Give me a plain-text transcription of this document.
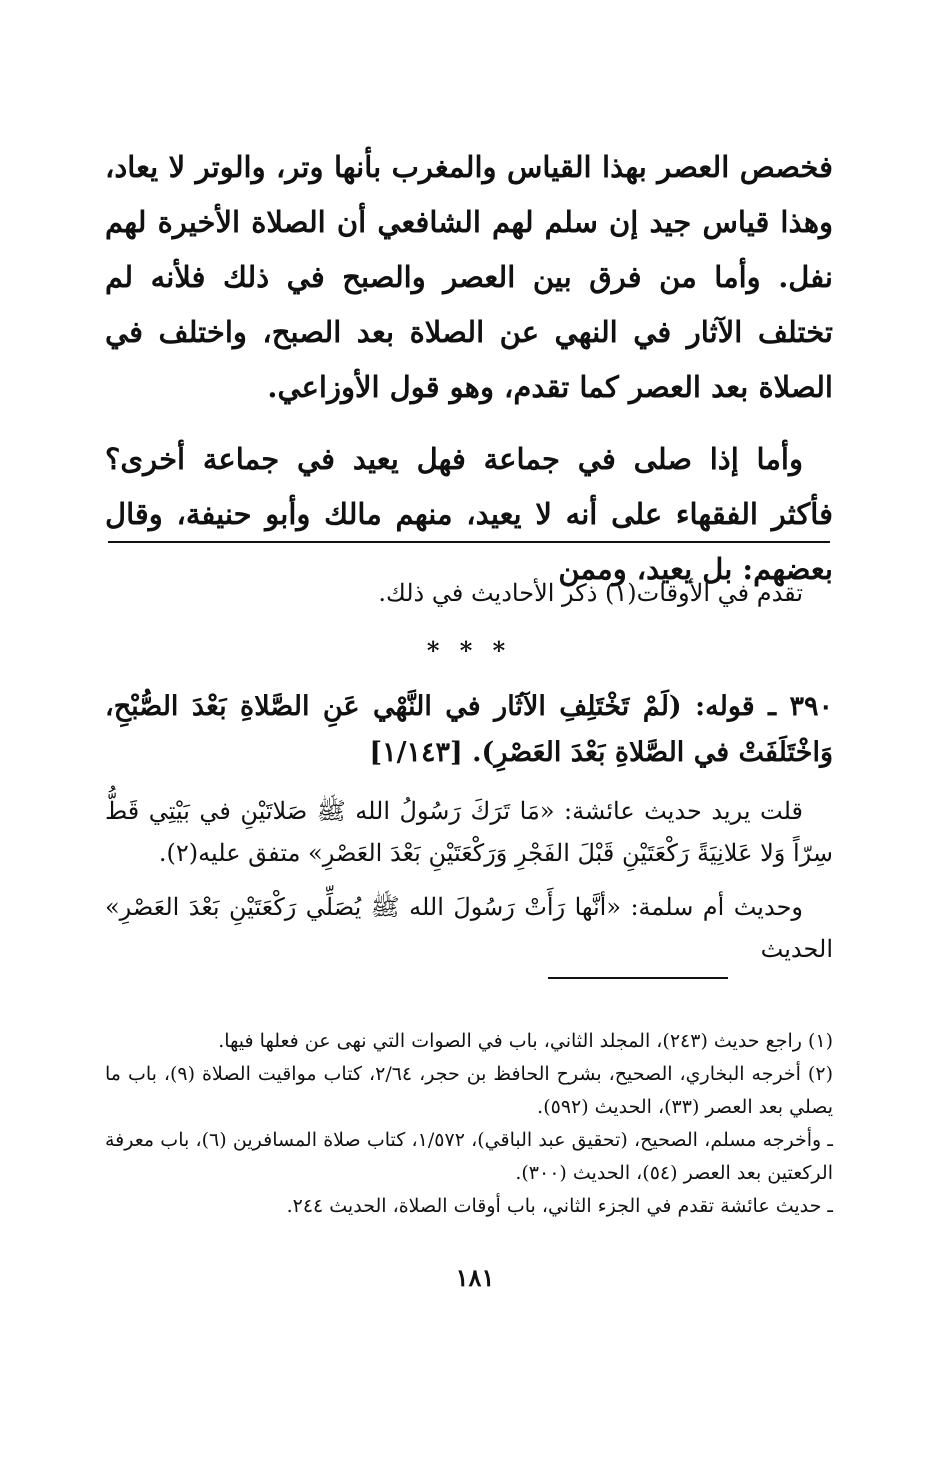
فخصص العصر بهذا القياس والمغرب بأنها وتر، والوتر لا يعاد، وهذا قياس جيد إن سلم لهم الشافعي أن الصلاة الأخيرة لهم نفل. وأما من فرق بين العصر والصبح في ذلك فلأنه لم تختلف الآثار في النهي عن الصلاة بعد الصبح، واختلف في الصلاة بعد العصر كما تقدم، وهو قول الأوزاعي.

وأما إذا صلى في جماعة فهل يعيد في جماعة أخرى؟ فأكثر الفقهاء على أنه لا يعيد، منهم مالك وأبو حنيفة، وقال بعضهم: بل يعيد، وممن

تقدم في الأوقات(١) ذكر الأحاديث في ذلك.

* * *

٣٩٠ ـ قوله: (لَمْ تَخْتَلِفِ الآثَار في النَّهْي عَنِ الصَّلاةِ بَعْدَ الصُّبْحِ، وَاخْتَلَفَتْ في الصَّلاةِ بَعْدَ العَصْرِ). [١/١٤٣]

قلت يريد حديث عائشة: «مَا تَرَكَ رَسُولُ الله ﷺ صَلاتَيْنِ في بَيْتِي قَطُّ سِرّاً وَلا عَلانِيَةً رَكْعَتَيْنِ قَبْلَ الفَجْرِ وَرَكْعَتَيْنِ بَعْدَ العَصْرِ» متفق عليه(٢).

وحديث أم سلمة: «أنَّها رَأَتْ رَسُولَ الله ﷺ يُصَلِّي رَكْعَتَيْنِ بَعْدَ العَصْرِ» الحديث

(١) راجع حديث (٢٤٣)، المجلد الثاني، باب في الصوات التي نهى عن فعلها فيها.

(٢) أخرجه البخاري، الصحيح، بشرح الحافظ بن حجر، ٢/٦٤، كتاب مواقيت الصلاة (٩)، باب ما يصلي بعد العصر (٣٣)، الحديث (٥٩٢).

ـ وأخرجه مسلم، الصحيح، (تحقيق عبد الباقي)، ١/٥٧٢، كتاب صلاة المسافرين (٦)، باب معرفة الركعتين بعد العصر (٥٤)، الحديث (٣٠٠).

ـ حديث عائشة تقدم في الجزء الثاني، باب أوقات الصلاة، الحديث ٢٤٤.

١٨١
